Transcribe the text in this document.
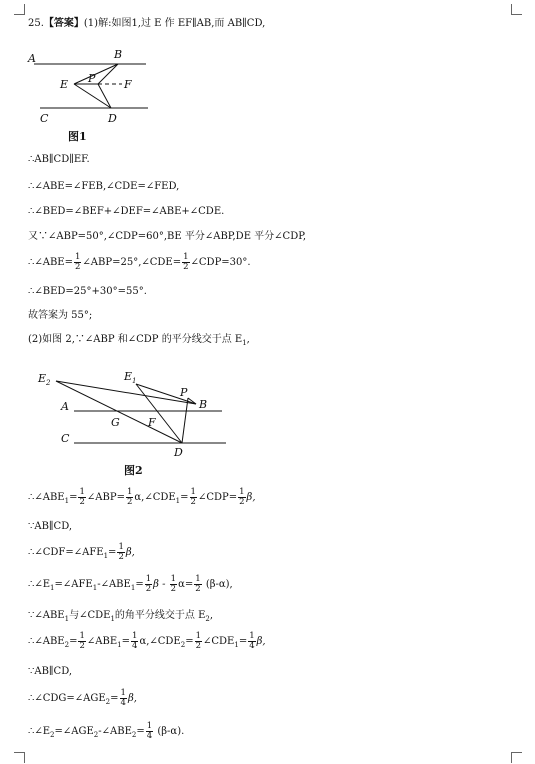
25.【答案】(1)解:如图1,过 E 作 EF∥AB,而 AB∥CD,
A	B
E P	F
C	D
图1
∴AB∥CD∥EF.
∴∠ABE=∠FEB,∠CDE=∠FED,
∴∠BED=∠BEF+∠DEF=∠ABE+∠CDE.
又∵∠ABP=50°,∠CDP=60°,BE 平分∠ABP,DE 平分∠CDP,
∴∠ABE= $\frac{1}{2}$ ∠ABP=25°,∠CDE= $\frac{1}{2}$ ∠CDP=30°.
∴∠BED=25°+30°=55°.
故答案为 55°;
(2)如图 2,∵∠ABP 和∠CDP 的平分线交于点 $E_1$,
$E_2$	$E_1$
P
B
A
G	F
C
D
图2
$\therefore\angle ABE_1= \frac{1}{2}$ ∠ABP= $\frac{1}{2}$ $\alpha,\angle CDE_1= \frac{1}{2}$ ∠CDP= $\frac{1}{2} \beta$,
∵AB∥CD,
$\therefore\angle CDF=\angle AFE_1= \frac{1}{2} \beta$,
$\therefore\angle E_1=\angle AFE_1-\angle ABE_1= \frac{1}{2}$ $\beta - \frac{1}{2} \alpha= \frac{1}{2} (\beta-\alpha)$,
$\because\angle ABE_1$与$\angle CDE_1$的角平分线交于点 $E_2$,
$\therefore\angle ABE_2= \frac{1}{2}$ $\angle ABE_1= \frac{1}{4}$ $\alpha,\angle CDE_2= \frac{1}{2}$ $\angle CDE_1= \frac{1}{4} \beta$,
∵AB∥CD,
$\therefore\angle CDG=\angle AGE_2= \frac{1}{4} \beta$,
$\therefore\angle E_2=\angle AGE_2-\angle ABE_2= \frac{1}{4} (\beta-\alpha)$.
